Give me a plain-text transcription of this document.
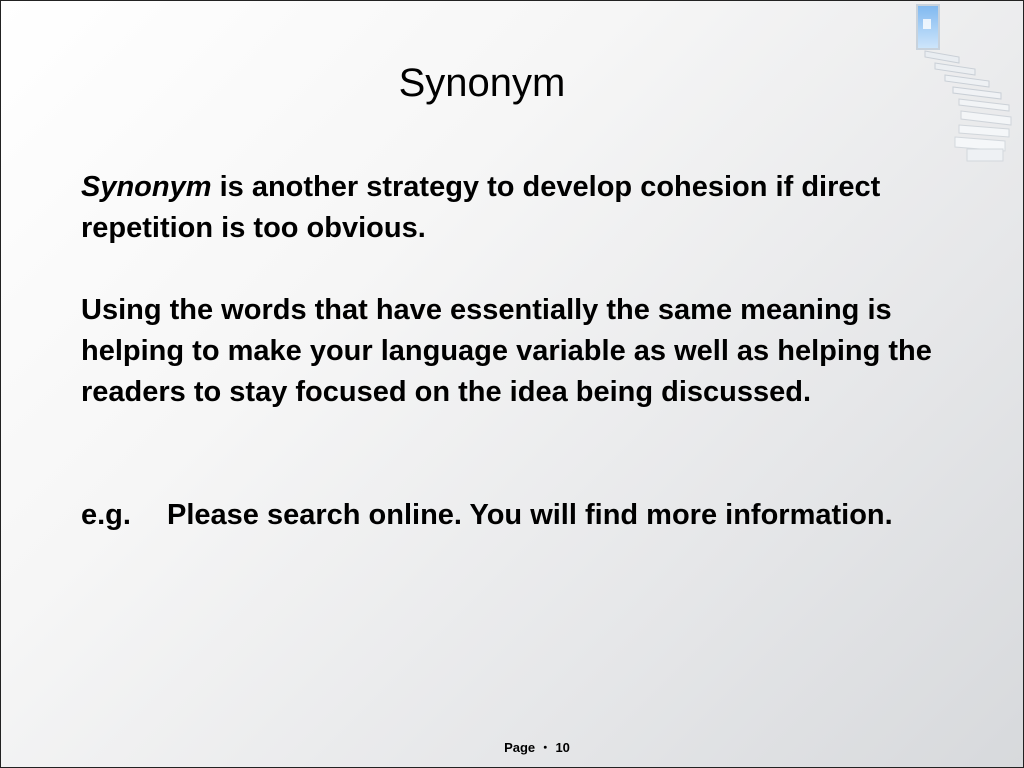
Synonym

Synonym is another strategy to develop cohesion if direct repetition is too obvious.

Using the words that have essentially the same meaning is helping to make your language variable as well as helping the readers to stay focused on the idea being discussed.

e.g.	Please search online. You will find more information.
Page ・ 10
